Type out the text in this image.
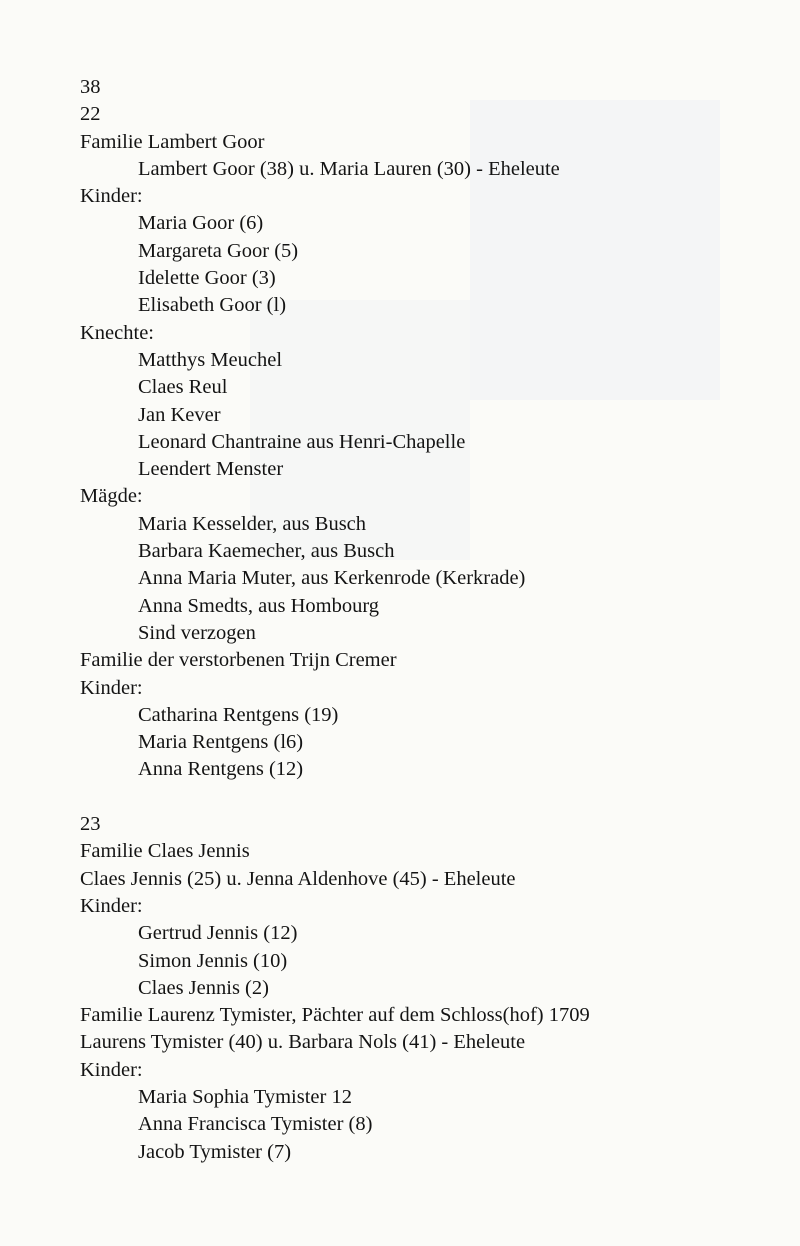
38
22
Familie Lambert Goor
Lambert Goor (38) u. Maria Lauren (30) - Eheleute
Kinder:
Maria Goor (6)
Margareta Goor (5)
Idelette Goor (3)
Elisabeth Goor (l)
Knechte:
Matthys Meuchel
Claes Reul
Jan Kever
Leonard Chantraine aus Henri-Chapelle
Leendert Menster
Mägde:
Maria Kesselder, aus Busch
Barbara Kaemecher, aus Busch
Anna Maria Muter, aus Kerkenrode (Kerkrade)
Anna Smedts, aus Hombourg
Sind verzogen
Familie der verstorbenen Trijn Cremer
Kinder:
Catharina Rentgens (19)
Maria Rentgens (l6)
Anna Rentgens (12)
23
Familie Claes Jennis
Claes Jennis (25) u. Jenna Aldenhove (45) - Eheleute
Kinder:
Gertrud Jennis (12)
Simon Jennis (10)
Claes Jennis (2)
Familie Laurenz Tymister, Pächter auf dem Schloss(hof) 1709
Laurens Tymister (40) u. Barbara Nols (41) - Eheleute
Kinder:
Maria Sophia Tymister 12
Anna Francisca Tymister (8)
Jacob Tymister (7)
